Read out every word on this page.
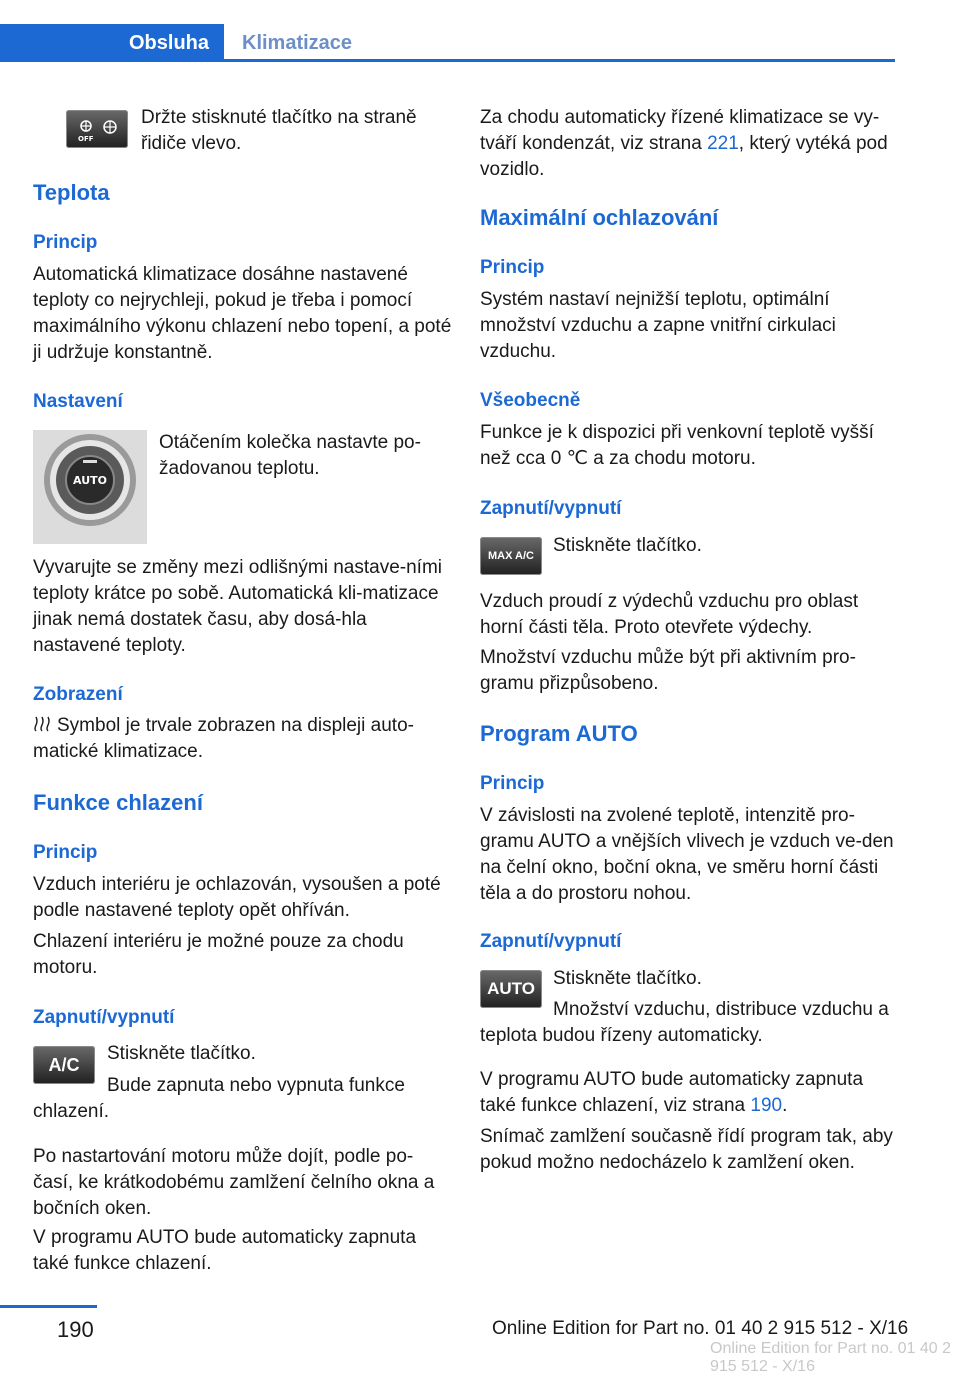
Obsluha Klimatizace
OFF

Držte stisknuté tlačítko na straně řidiče vlevo.

Teplota
Princip

Automatická klimatizace dosáhne nastavené teploty co nejrychleji, pokud je třeba i pomocí maximálního výkonu chlazení nebo topení, a poté ji udržuje konstantně.

Nastavení
AUTO

Otáčením kolečka nastavte po‐žadovanou teplotu.

Vyvarujte se změny mezi odlišnými nastave‐ními teploty krátce po sobě. Automatická kli‐matizace jinak nemá dostatek času, aby dosá‐hla nastavené teploty.

Zobrazení

Symbol je trvale zobrazen na displeji auto‐matické klimatizace.

Funkce chlazení
Princip

Vzduch interiéru je ochlazován, vysoušen a poté podle nastavené teploty opět ohříván.

Chlazení interiéru je možné pouze za chodu motoru.

Zapnutí/vypnutí
A/C

Stiskněte tlačítko.

Bude zapnuta nebo vypnuta funkce chlazení.

Po nastartování motoru může dojít, podle po‐časí, ke krátkodobému zamlžení čelního okna a bočních oken.

V programu AUTO bude automaticky zapnuta také funkce chlazení.

Za chodu automaticky řízené klimatizace se vy‐tváří kondenzát, viz strana 221, který vytéká pod vozidlo.

Maximální ochlazování
Princip

Systém nastaví nejnižší teplotu, optimální množství vzduchu a zapne vnitřní cirkulaci vzduchu.

Všeobecně

Funkce je k dispozici při venkovní teplotě vyšší než cca 0 ℃ a za chodu motoru.

Zapnutí/vypnutí
MAX A/C Stiskněte tlačítko.

Vzduch proudí z výdechů vzduchu pro oblast horní části těla. Proto otevřete výdechy.

Množství vzduchu může být při aktivním pro‐gramu přizpůsobeno.

Program AUTO
Princip

V závislosti na zvolené teplotě, intenzitě pro‐gramu AUTO a vnějších vlivech je vzduch ve‐den na čelní okno, boční okna, ve směru horní části těla a do prostoru nohou.

Zapnutí/vypnutí
AUTO Stiskněte tlačítko.

Množství vzduchu, distribuce vzduchu a teplota budou řízeny automaticky.

V programu AUTO bude automaticky zapnuta také funkce chlazení, viz strana 190.

Snímač zamlžení současně řídí program tak, aby pokud možno nedocházelo k zamlžení oken.

190	Online Edition for Part no. 01 40 2 915 512 - X/16
Online Edition for Part no. 01 40 2 915 512 - X/16
